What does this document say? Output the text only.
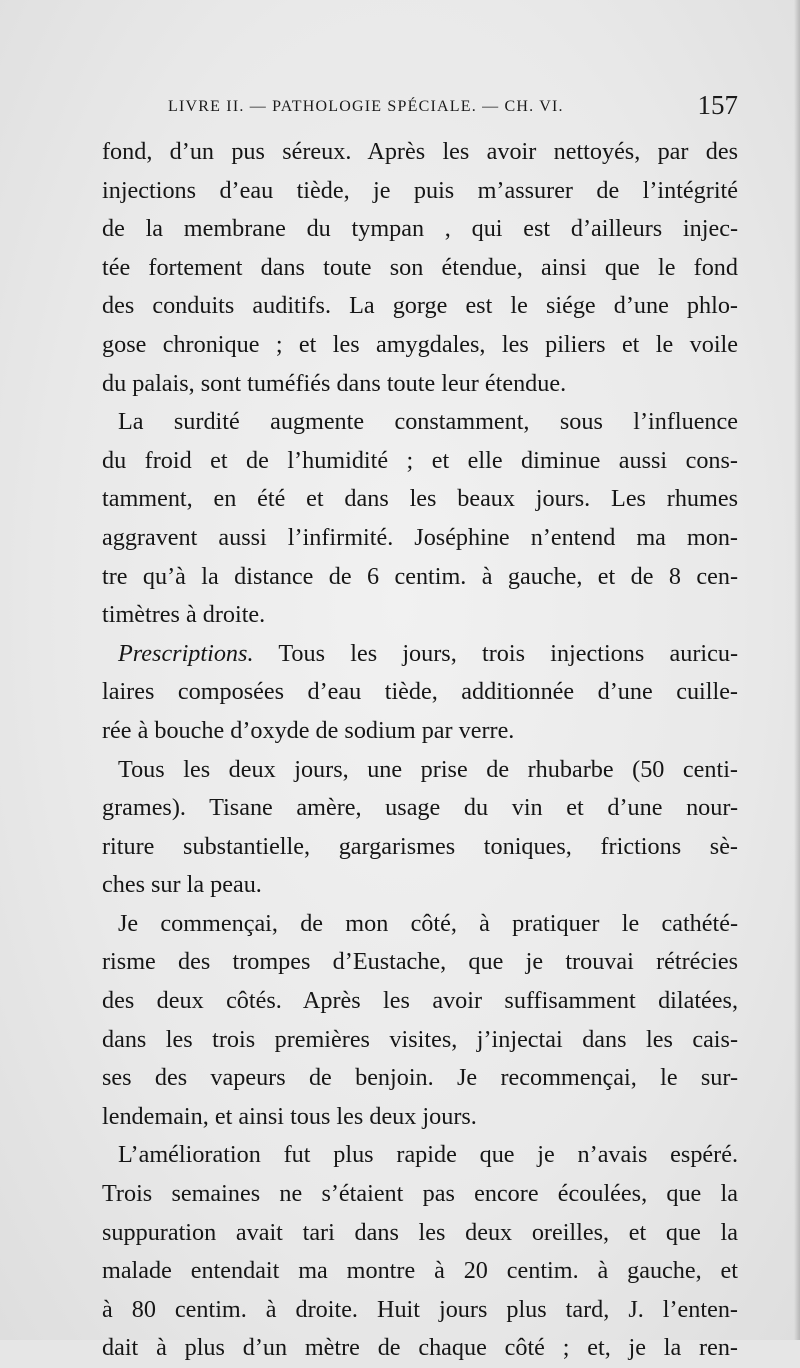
LIVRE II. — PATHOLOGIE SPÉCIALE. — CH. VI.	157
fond, d’un pus séreux. Après les avoir nettoyés, par des
injections d’eau tiède, je puis m’assurer de l’intégrité
de la membrane du tympan , qui est d’ailleurs injec-
tée fortement dans toute son étendue, ainsi que le fond
des conduits auditifs. La gorge est le siége d’une phlo-
gose chronique ; et les amygdales, les piliers et le voile
du palais, sont tuméfiés dans toute leur étendue.
La surdité augmente constamment, sous l’influence
du froid et de l’humidité ; et elle diminue aussi cons-
tamment, en été et dans les beaux jours. Les rhumes
aggravent aussi l’infirmité. Joséphine n’entend ma mon-
tre qu’à la distance de 6 centim. à gauche, et de 8 cen-
timètres à droite.
Prescriptions. Tous les jours, trois injections auricu-
laires composées d’eau tiède, additionnée d’une cuille-
rée à bouche d’oxyde de sodium par verre.
Tous les deux jours, une prise de rhubarbe (50 centi-
grames). Tisane amère, usage du vin et d’une nour-
riture substantielle, gargarismes toniques, frictions sè-
ches sur la peau.
Je commençai, de mon côté, à pratiquer le cathété-
risme des trompes d’Eustache, que je trouvai rétrécies
des deux côtés. Après les avoir suffisamment dilatées,
dans les trois premières visites, j’injectai dans les cais-
ses des vapeurs de benjoin. Je recommençai, le sur-
lendemain, et ainsi tous les deux jours.
L’amélioration fut plus rapide que je n’avais espéré.
Trois semaines ne s’étaient pas encore écoulées, que la
suppuration avait tari dans les deux oreilles, et que la
malade entendait ma montre à 20 centim. à gauche, et
à 80 centim. à droite. Huit jours plus tard, J. l’enten-
dait à plus d’un mètre de chaque côté ; et, je la ren-
